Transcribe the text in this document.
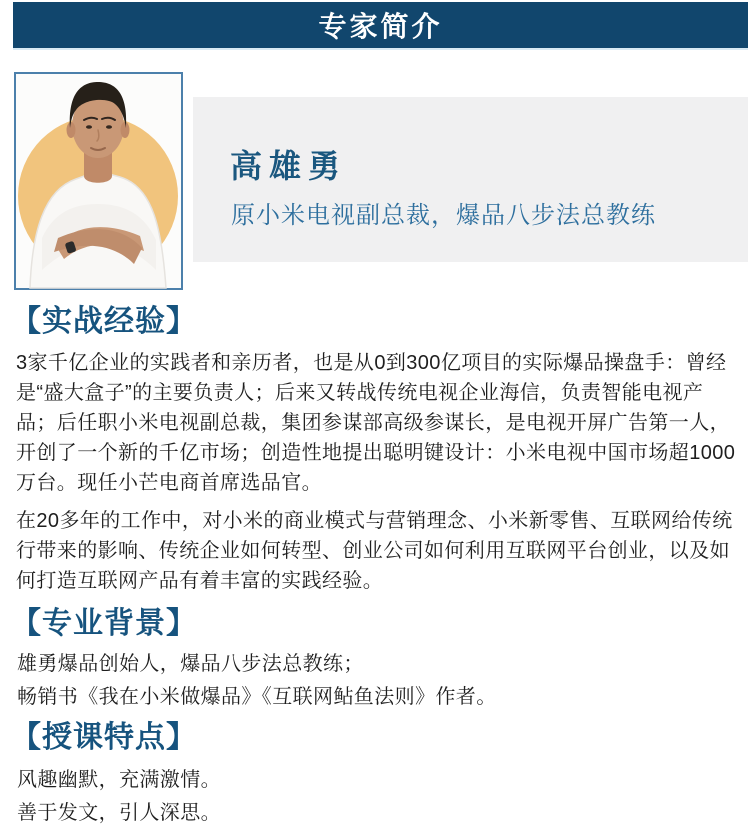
专家简介
高雄勇
原小米电视副总裁，爆品八步法总教练
【实战经验】

3家千亿企业的实践者和亲历者，也是从0到300亿项目的实际爆品操盘手：曾经是“盛大盒子”的主要负责人；后来又转战传统电视企业海信，负责智能电视产品；后任职小米电视副总裁，集团参谋部高级参谋长，是电视开屏广告第一人，开创了一个新的千亿市场；创造性地提出聪明键设计：小米电视中国市场超1000万台。现任小芒电商首席选品官。

在20多年的工作中，对小米的商业模式与营销理念、小米新零售、互联网给传统行带来的影响、传统企业如何转型、创业公司如何利用互联网平台创业，以及如何打造互联网产品有着丰富的实践经验。

【专业背景】

雄勇爆品创始人，爆品八步法总教练；

畅销书《我在小米做爆品》《互联网鲇鱼法则》作者。

【授课特点】

风趣幽默，充满激情。

善于发文，引人深思。
